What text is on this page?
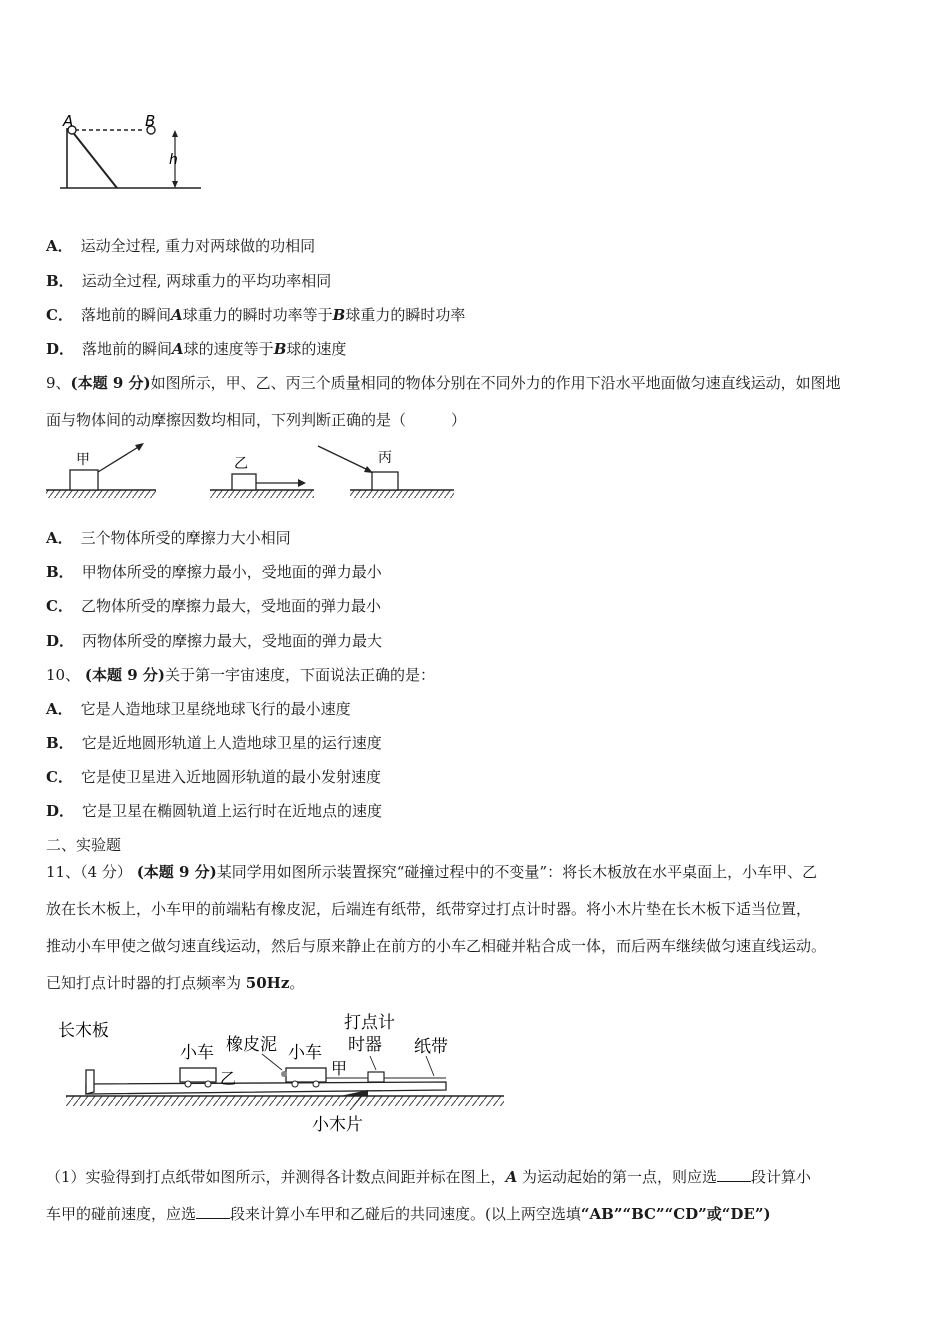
A	B
h
A． 运动全过程, 重力对两球做的功相同
B． 运动全过程, 两球重力的平均功率相同
C． 落地前的瞬间A球重力的瞬时功率等于B球重力的瞬时功率
D． 落地前的瞬间A球的速度等于B球的速度
9、(本题 9 分)如图所示，甲、乙、丙三个质量相同的物体分别在不同外力的作用下沿水平地面做匀速直线运动，如图地
面与物体间的动摩擦因数均相同，下列判断正确的是（　　　）
甲	乙	丙
A． 三个物体所受的摩擦力大小相同
B． 甲物体所受的摩擦力最小，受地面的弹力最小
C． 乙物体所受的摩擦力最大，受地面的弹力最小
D． 丙物体所受的摩擦力最大，受地面的弹力最大
10、 (本题 9 分)关于第一宇宙速度，下面说法正确的是：
A． 它是人造地球卫星绕地球飞行的最小速度
B． 它是近地圆形轨道上人造地球卫星的运行速度
C． 它是使卫星进入近地圆形轨道的最小发射速度
D． 它是卫星在椭圆轨道上运行时在近地点的速度
二、实验题
11、（4 分） (本题 9 分)某同学用如图所示装置探究“碰撞过程中的不变量”：将长木板放在水平桌面上，小车甲、乙
放在长木板上，小车甲的前端粘有橡皮泥，后端连有纸带，纸带穿过打点计时器。将小木片垫在长木板下适当位置，
推动小车甲使之做匀速直线运动，然后与原来静止在前方的小车乙相碰并粘合成一体，而后两车继续做匀速直线运动。
已知打点计时器的打点频率为 50Hz。
长木板
小车
乙
橡皮泥 小车
甲
打点计
时器 纸带
小木片
（1）实验得到打点纸带如图所示，并测得各计数点间距并标在图上，A 为运动起始的第一点，则应选 段计算小
车甲的碰前速度，应选 段来计算小车甲和乙碰后的共同速度。(以上两空选填“AB”“BC”“CD”或“DE”)
